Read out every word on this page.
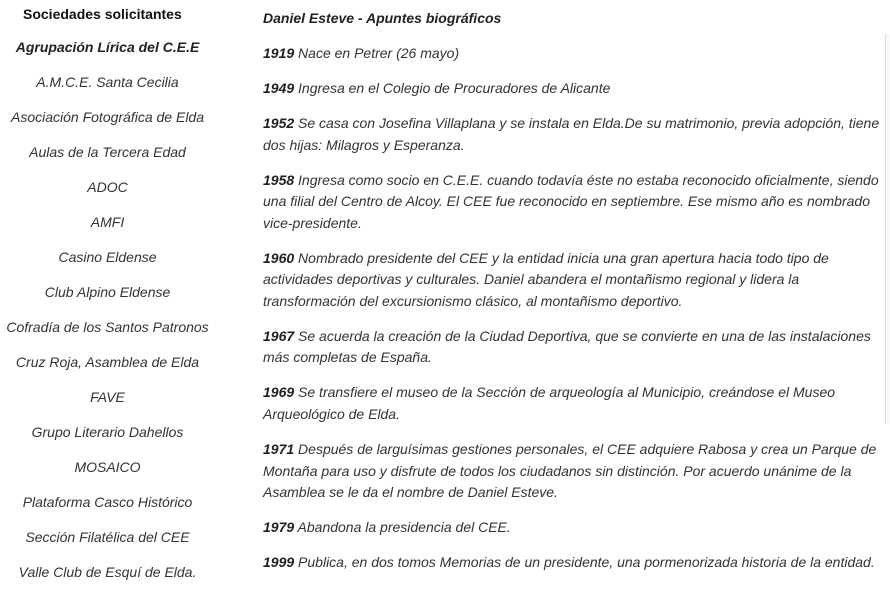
Sociedades solicitantes
Agrupación Lírica del C.E.E
A.M.C.E. Santa Cecilia
Asociación Fotográfica de Elda
Aulas de la Tercera Edad
ADOC
AMFI
Casino Eldense
Club Alpino Eldense
Cofradía de los Santos Patronos
Cruz Roja, Asamblea de Elda
FAVE
Grupo Literario Dahellos
MOSAICO
Plataforma Casco Histórico
Sección Filatélica del CEE
Valle Club de Esquí de Elda.
Daniel Esteve - Apuntes biográficos

1919 Nace en Petrer (26 mayo)

1949 Ingresa en el Colegio de Procuradores de Alicante

1952 Se casa con Josefina Villaplana y se instala en Elda.De su matrimonio, previa adopción, tiene dos hijas: Milagros y Esperanza.

1958 Ingresa como socio en C.E.E. cuando todavía éste no estaba reconocido oficialmente, siendo una filial del Centro de Alcoy. El CEE fue reconocido en septiembre. Ese mismo año es nombrado vice-presidente.

1960 Nombrado presidente del CEE y la entidad inicia una gran apertura hacia todo tipo de actividades deportivas y culturales. Daniel abandera el montañismo regional y lidera la transformación del excursionismo clásico, al montañismo deportivo.

1967 Se acuerda la creación de la Ciudad Deportiva, que se convierte en una de las instalaciones más completas de España.

1969 Se transfiere el museo de la Sección de arqueología al Municipio, creándose el Museo Arqueológico de Elda.

1971 Después de larguísimas gestiones personales, el CEE adquiere Rabosa y crea un Parque de Montaña para uso y disfrute de todos los ciudadanos sin distinción. Por acuerdo unánime de la Asamblea se le da el nombre de Daniel Esteve.

1979 Abandona la presidencia del CEE.

1999 Publica, en dos tomos Memorias de un presidente, una pormenorizada historia de la entidad.
